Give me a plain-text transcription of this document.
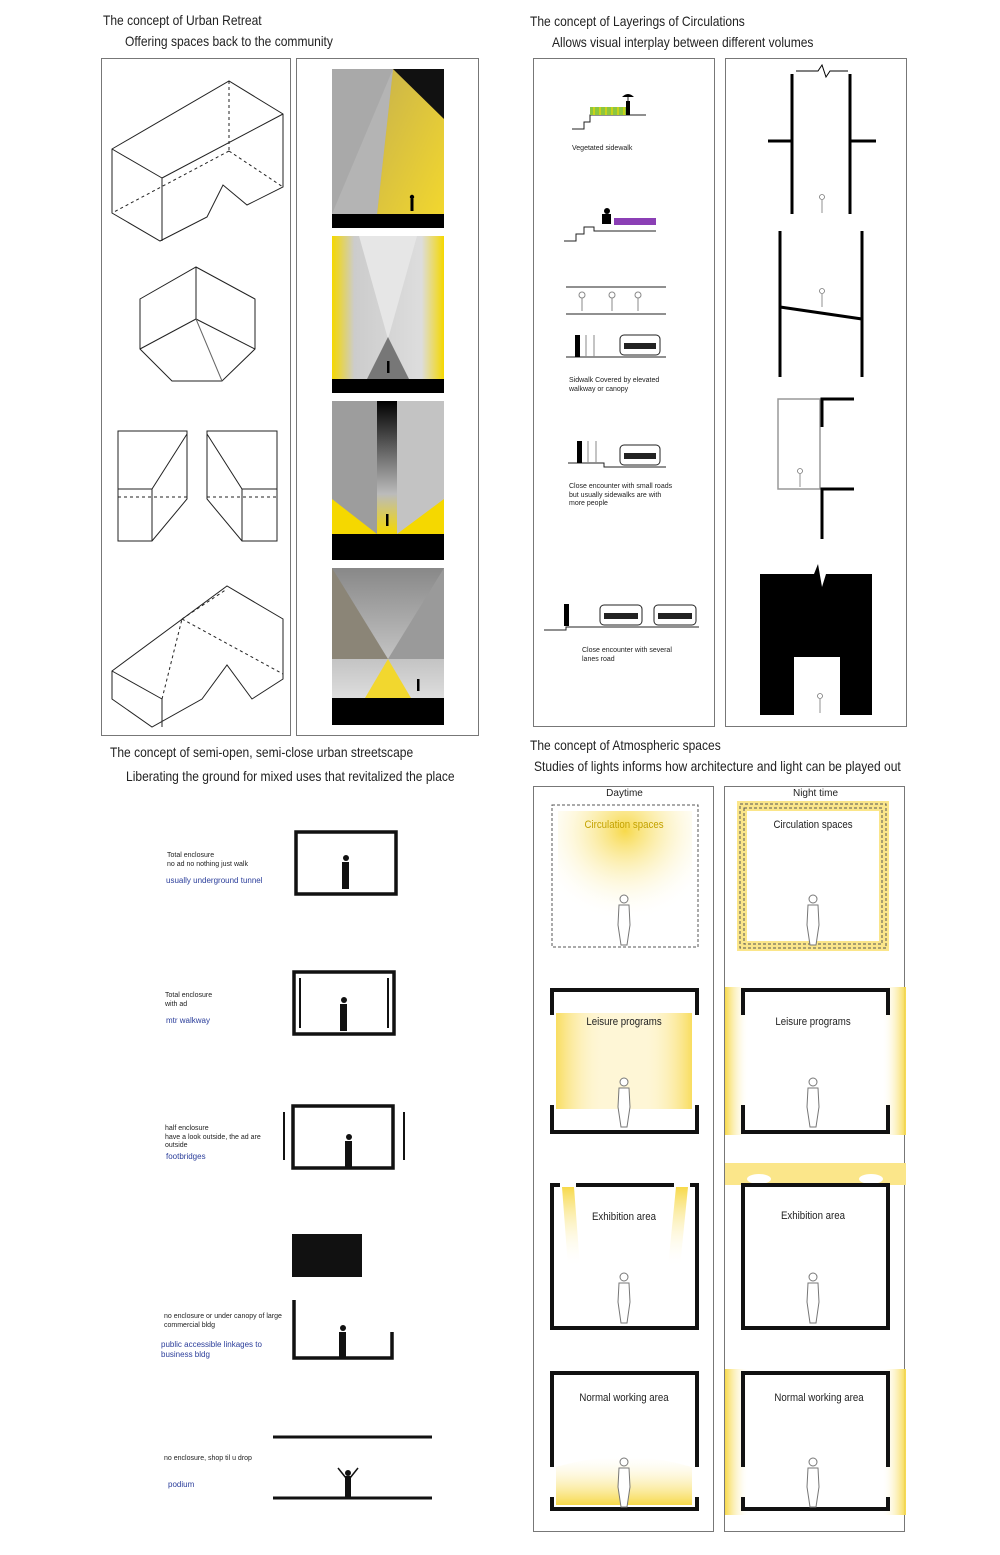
The concept of Urban Retreat
Offering spaces back to the community
The concept of Layerings of Circulations
Allows visual interplay between different volumes
The concept of semi-open, semi-close urban streetscape
Liberating the ground for mixed uses that revitalized the place
The concept of Atmospheric spaces
Studies of lights informs how architecture and light can be played out
Vegetated sidewalk
Sidwalk Covered by elevated
walkway or canopy
Close encounter with small roads
but usually sidewalks are with
more people
Close encounter with several
lanes road
Total enclosure
no ad no nothing just walk
usually underground tunnel
Total enclosure
with ad
mtr walkway
half enclosure
have a look outside, the ad are
outside
footbridges
no enclosure or under canopy of large
commercial bldg
public accessible linkages to
business bldg
no enclosure, shop til u drop
podium
Daytime
Circulation spaces
Leisure programs
Exhibition area
Normal working area
Night time
Circulation spaces
Leisure programs
Exhibition area
Normal working area
